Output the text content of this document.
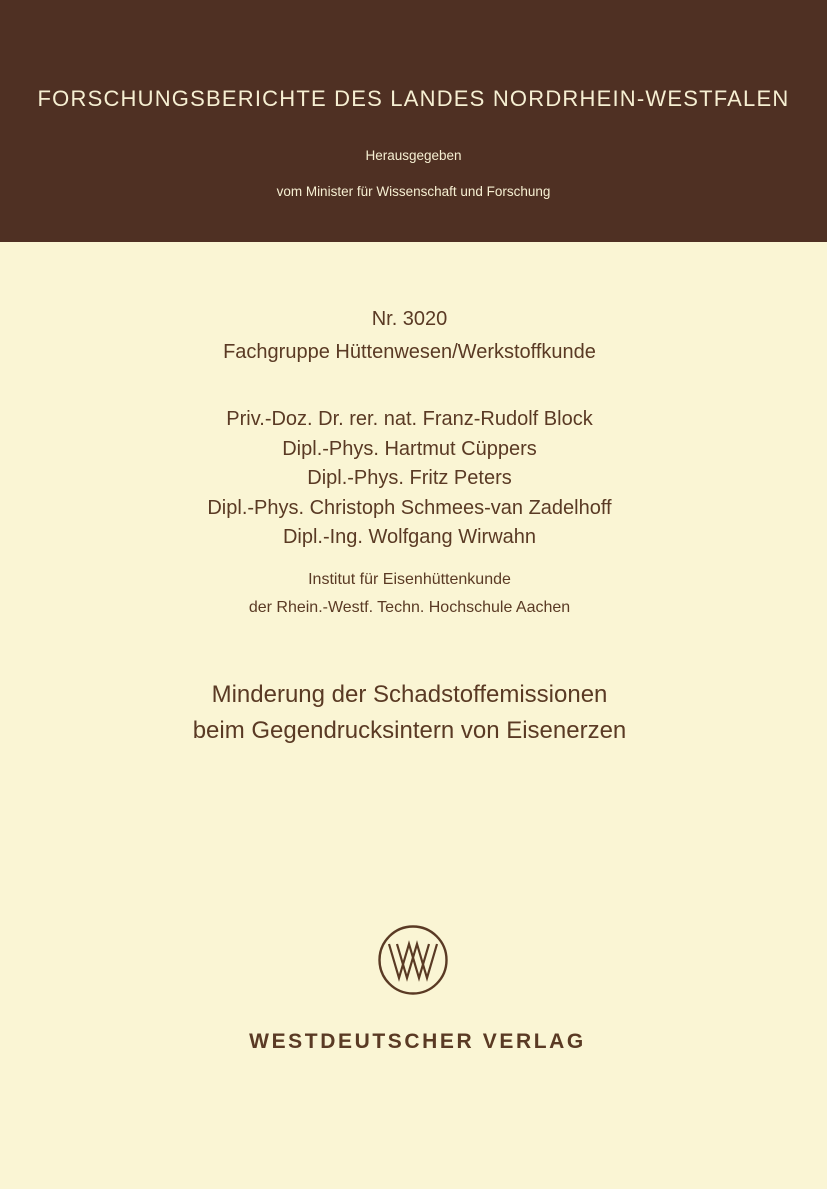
FORSCHUNGSBERICHTE DES LANDES NORDRHEIN-WESTFALEN
Herausgegeben
vom Minister für Wissenschaft und Forschung
Nr. 3020
Fachgruppe Hüttenwesen/Werkstoffkunde
Priv.-Doz. Dr. rer. nat. Franz-Rudolf Block
Dipl.-Phys. Hartmut Cüppers
Dipl.-Phys. Fritz Peters
Dipl.-Phys. Christoph Schmees-van Zadelhoff
Dipl.-Ing. Wolfgang Wirwahn
Institut für Eisenhüttenkunde
der Rhein.-Westf. Techn. Hochschule Aachen
Minderung der Schadstoffemissionen
beim Gegendrucksintern von Eisenerzen
WESTDEUTSCHER VERLAG
